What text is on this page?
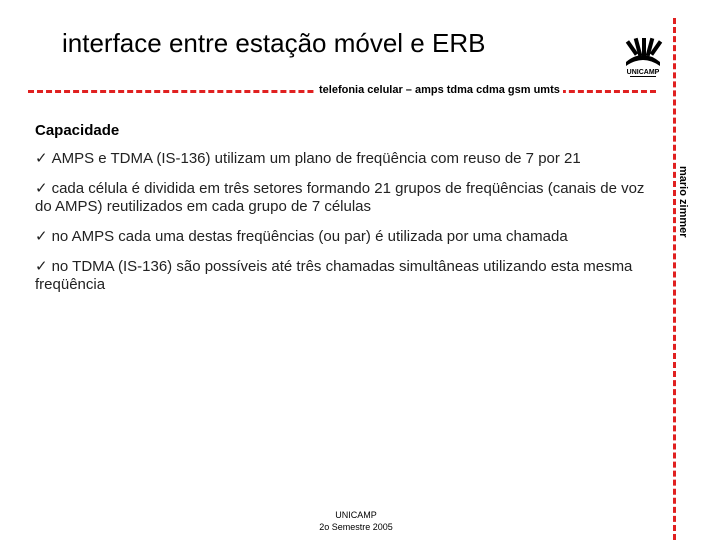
interface entre estação móvel e ERB
UNICAMP
telefonia celular – amps tdma cdma gsm umts
mario zimmer
Capacidade
✓ AMPS e TDMA (IS-136) utilizam um plano de freqüência com reuso de 7 por 21
✓ cada célula é dividida em três setores formando 21 grupos de freqüências (canais de voz do AMPS) reutilizados em cada grupo de 7 células
✓ no AMPS cada uma destas freqüências (ou par) é utilizada por uma chamada
✓ no TDMA (IS-136) são possíveis até três chamadas simultâneas utilizando esta mesma freqüência
UNICAMP
2o Semestre 2005
